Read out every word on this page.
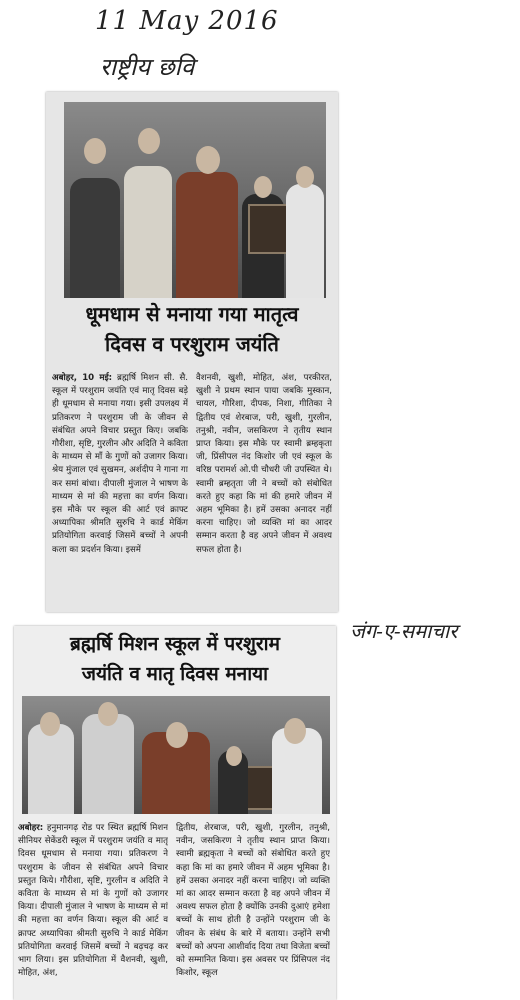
11 May 2016
राष्ट्रीय छवि
जंग-ए-समाचार
धूमधाम से मनाया गया मातृत्व
दिवस व परशुराम जयंति
अबोहर, 10 मई: ब्रह्मर्षि मिशन सी. सै. स्कूल में परशुराम जयंति एवं मातृ दिवस बड़े ही धूमधाम से मनाया गया। इसी उपलक्ष्य में प्रतिकरण ने परशुराम जी के जीवन से संबंधित अपने विचार प्रस्तुत किए। जबकि गौरीशा, सृष्टि, गुरलीन और अदिति ने कविता के माध्यम से माँ के गुणों को उजागर किया। श्रेय मुंजाल एवं सुखमन, अर्शदीप ने गाना गा कर समां बांधा। दीपाली मुंजाल ने भाषण के माध्यम से मां की महत्ता का वर्णन किया। इस मौके पर स्कूल की आर्ट एवं क्राफ्ट अध्यापिका श्रीमति सुरुचि ने कार्ड मेकिंग प्रतियोगिता करवाई जिसमें बच्चों ने अपनी कला का प्रदर्शन किया। इसमें
वैशनवी, खुशी, मोहित, अंश, परकीरत, खुशी ने प्रथम स्थान पाया जबकि मुस्कान, चायल, गौरिशा, दीपक, निशा, गीतिका ने द्वितीय एवं शेरबाज, परी, खुशी, गुरलीन, तनुश्री, नवीन, जसकिरण ने तृतीय स्थान प्राप्त किया। इस मौके पर स्वामी ब्रम्हकृता जी, प्रिंसीपल नंद किशोर जी एवं स्कूल के वरिष्ठ परामर्श ओ.पी चौधरी जी उपस्थित थे। स्वामी ब्रम्हतृता जी ने बच्चों को संबोधित करते हुए कहा कि मां की हमारे जीवन में अहम भूमिका है। हमें उसका अनादर नहीं करना चाहिए। जो व्यक्ति मां का आदर सम्मान करता है वह अपने जीवन में अवश्य सफल होता है।
ब्रह्मर्षि मिशन स्कूल में परशुराम
जयंति व मातृ दिवस मनाया
अबोहर: हनुमानगढ़ रोड पर स्थित ब्रह्मर्षि मिशन सीनियर सेकेंडरी स्कूल में परशुराम जयंति व मातृ दिवस धूमधाम से मनाया गया। प्रतिकरण ने परशुराम के जीवन से संबंधित अपने विचार प्रस्तुत किये। गौरीशा, सृष्टि, गुरलीन व अदिति ने कविता के माध्यम से मां के गुणों को उजागर किया। दीपाली मुंजाल ने भाषण के माध्यम से मां की महत्ता का वर्णन किया। स्कूल की आर्ट व क्राफ्ट अध्यापिका श्रीमती सुरुचि ने कार्ड मेकिंग प्रतियोगिता करवाई जिसमें बच्चों ने बढ़चढ़ कर भाग लिया। इस प्रतियोगिता में वैशनवी, खुशी, मोहित, अंश,
द्वितीय, शेरबाज, परी, खुशी, गुरलीन, तनुश्री, नवीन, जसकिरण ने तृतीय स्थान प्राप्त किया। स्वामी ब्रह्मकृता ने बच्चों को संबोधित करते हुए कहा कि मां का हमारे जीवन में अहम भूमिका है। हमें उसका अनादर नहीं करना चाहिए। जो व्यक्ति मां का आदर सम्मान करता है वह अपने जीवन में अवश्य सफल होता है क्योंकि उनकी दुआएं हमेशा बच्चों के साथ होती है उन्होंने परशुराम जी के जीवन के संबंध के बारे में बताया। उन्होंने सभी बच्चों को अपना आशीर्वाद दिया तथा विजेता बच्चों को सम्मानित किया। इस अवसर पर प्रिंसिपल नंद किशोर, स्कूल
